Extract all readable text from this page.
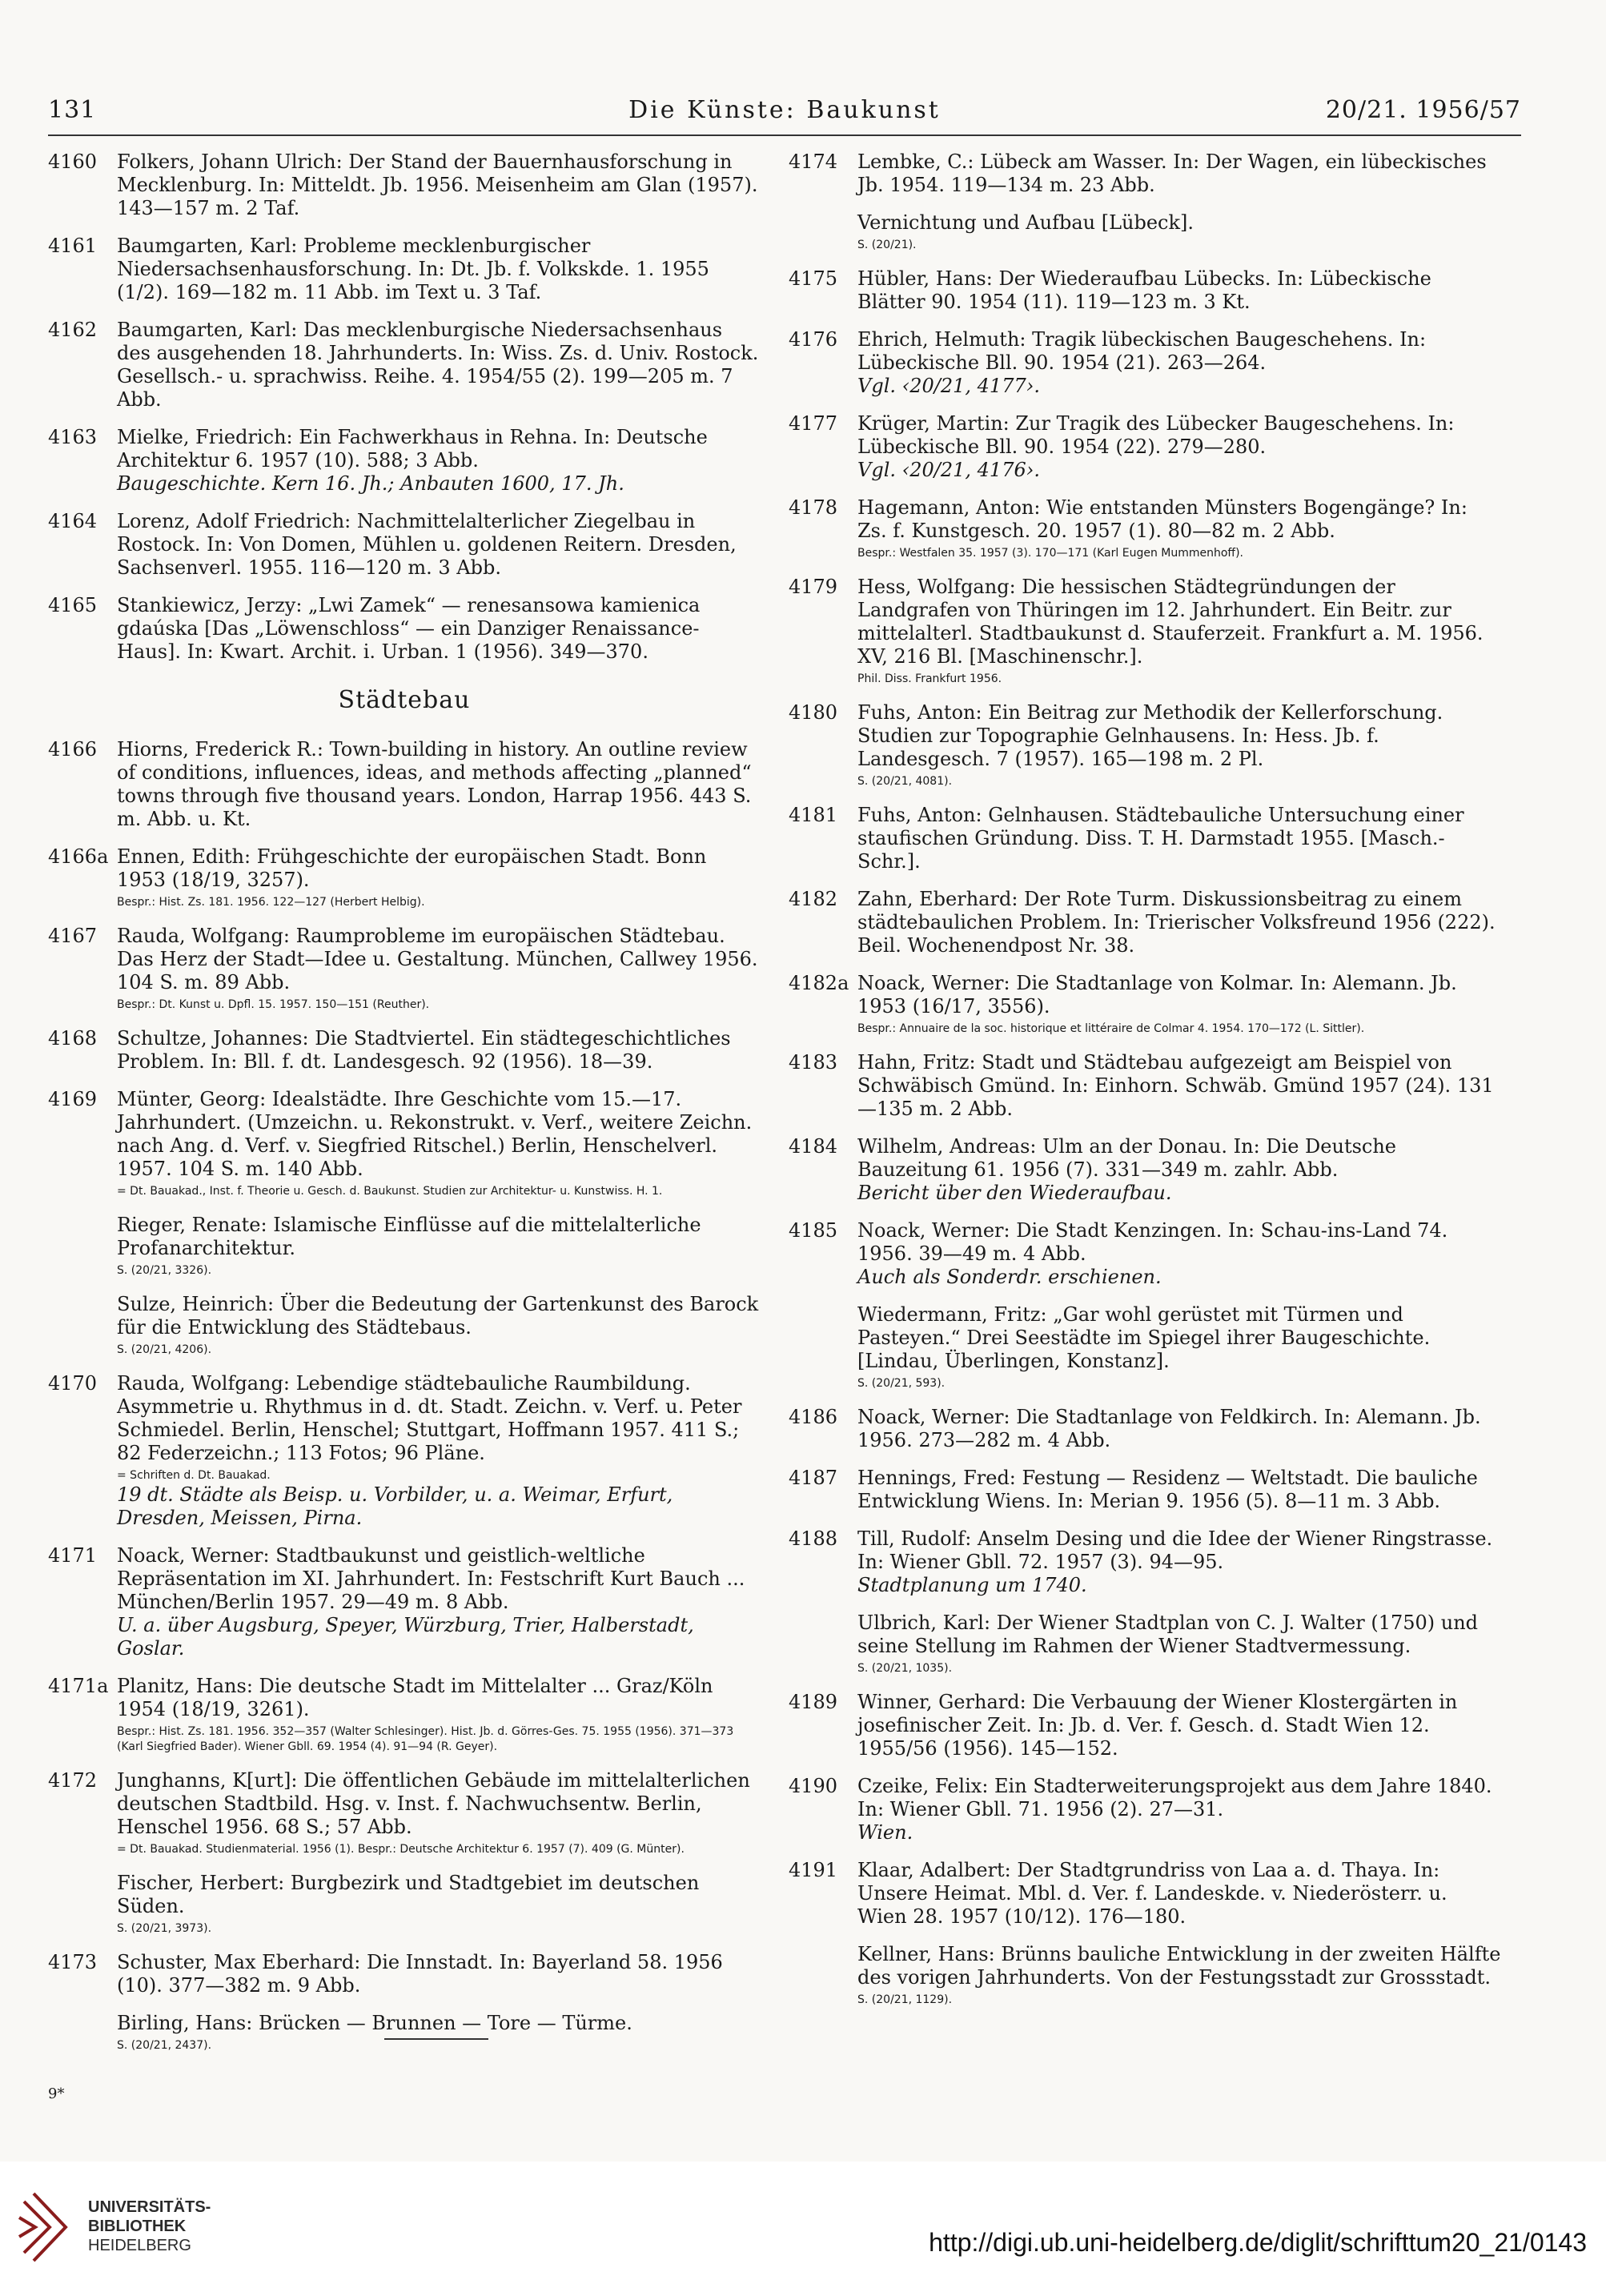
131	Die Künste: Baukunst	20/21. 1956/57
4160	Folkers, Johann Ulrich: Der Stand der Bauernhausforschung in Mecklenburg. In: Mitteldt. Jb. 1956. Meisenheim am Glan (1957). 143—157 m. 2 Taf.
4161	Baumgarten, Karl: Probleme mecklenburgischer Niedersachsenhausforschung. In: Dt. Jb. f. Volkskde. 1. 1955 (1/2). 169—182 m. 11 Abb. im Text u. 3 Taf.
4162	Baumgarten, Karl: Das mecklenburgische Niedersachsenhaus des ausgehenden 18. Jahrhunderts. In: Wiss. Zs. d. Univ. Rostock. Gesellsch.- u. sprachwiss. Reihe. 4. 1954/55 (2). 199—205 m. 7 Abb.
4163	Mielke, Friedrich: Ein Fachwerkhaus in Rehna. In: Deutsche Architektur 6. 1957 (10). 588; 3 Abb.
Baugeschichte. Kern 16. Jh.; Anbauten 1600, 17. Jh.
4164	Lorenz, Adolf Friedrich: Nachmittelalterlicher Ziegelbau in Rostock. In: Von Domen, Mühlen u. goldenen Reitern. Dresden, Sachsenverl. 1955. 116—120 m. 3 Abb.
4165	Stankiewicz, Jerzy: „Lwi Zamek“ — renesansowa kamienica gdaúska [Das „Löwenschloss“ — ein Danziger Renaissance-Haus]. In: Kwart. Archit. i. Urban. 1 (1956). 349—370.
Städtebau
4166	Hiorns, Frederick R.: Town-building in history. An outline review of conditions, influences, ideas, and methods affecting „planned“ towns through five thousand years. London, Harrap 1956. 443 S. m. Abb. u. Kt.
4166a Ennen, Edith: Frühgeschichte der europäischen Stadt. Bonn 1953 (18/19, 3257).
Bespr.: Hist. Zs. 181. 1956. 122—127 (Herbert Helbig).
4167	Rauda, Wolfgang: Raumprobleme im europäischen Städtebau. Das Herz der Stadt—Idee u. Gestaltung. München, Callwey 1956. 104 S. m. 89 Abb.
Bespr.: Dt. Kunst u. Dpfl. 15. 1957. 150—151 (Reuther).
4168	Schultze, Johannes: Die Stadtviertel. Ein städtegeschichtliches Problem. In: Bll. f. dt. Landesgesch. 92 (1956). 18—39.
4169	Münter, Georg: Idealstädte. Ihre Geschichte vom 15.—17. Jahrhundert. (Umzeichn. u. Rekonstrukt. v. Verf., weitere Zeichn. nach Ang. d. Verf. v. Siegfried Ritschel.) Berlin, Henschelverl. 1957. 104 S. m. 140 Abb.
= Dt. Bauakad., Inst. f. Theorie u. Gesch. d. Baukunst. Studien zur Architektur- u. Kunstwiss. H. 1.
Rieger, Renate: Islamische Einflüsse auf die mittelalterliche Profanarchitektur.
S. (20/21, 3326).
Sulze, Heinrich: Über die Bedeutung der Gartenkunst des Barock für die Entwicklung des Städtebaus.
S. (20/21, 4206).
4170	Rauda, Wolfgang: Lebendige städtebauliche Raumbildung. Asymmetrie u. Rhythmus in d. dt. Stadt. Zeichn. v. Verf. u. Peter Schmiedel. Berlin, Henschel; Stuttgart, Hoffmann 1957. 411 S.; 82 Federzeichn.; 113 Fotos; 96 Pläne.
= Schriften d. Dt. Bauakad.
19 dt. Städte als Beisp. u. Vorbilder, u. a. Weimar, Erfurt, Dresden, Meissen, Pirna.
4171	Noack, Werner: Stadtbaukunst und geistlich-weltliche Repräsentation im XI. Jahrhundert. In: Festschrift Kurt Bauch ... München/Berlin 1957. 29—49 m. 8 Abb.
U. a. über Augsburg, Speyer, Würzburg, Trier, Halberstadt, Goslar.
4171a Planitz, Hans: Die deutsche Stadt im Mittelalter ... Graz/Köln 1954 (18/19, 3261).
Bespr.: Hist. Zs. 181. 1956. 352—357 (Walter Schlesinger). Hist. Jb. d. Görres-Ges. 75. 1955 (1956). 371—373 (Karl Siegfried Bader). Wiener Gbll. 69. 1954 (4). 91—94 (R. Geyer).
4172	Junghanns, K[urt]: Die öffentlichen Gebäude im mittelalterlichen deutschen Stadtbild. Hsg. v. Inst. f. Nachwuchsentw. Berlin, Henschel 1956. 68 S.; 57 Abb.
= Dt. Bauakad. Studienmaterial. 1956 (1). Bespr.: Deutsche Architektur 6. 1957 (7). 409 (G. Münter).
Fischer, Herbert: Burgbezirk und Stadtgebiet im deutschen Süden.
S. (20/21, 3973).
4173	Schuster, Max Eberhard: Die Innstadt. In: Bayerland 58. 1956 (10). 377—382 m. 9 Abb.
Birling, Hans: Brücken — Brunnen — Tore — Türme.
S. (20/21, 2437).
4174	Lembke, C.: Lübeck am Wasser. In: Der Wagen, ein lübeckisches Jb. 1954. 119—134 m. 23 Abb.
Vernichtung und Aufbau [Lübeck].
S. (20/21).
4175	Hübler, Hans: Der Wiederaufbau Lübecks. In: Lübeckische Blätter 90. 1954 (11). 119—123 m. 3 Kt.
4176	Ehrich, Helmuth: Tragik lübeckischen Baugeschehens. In: Lübeckische Bll. 90. 1954 (21). 263—264.
Vgl. ‹20/21, 4177›.
4177	Krüger, Martin: Zur Tragik des Lübecker Baugeschehens. In: Lübeckische Bll. 90. 1954 (22). 279—280.
Vgl. ‹20/21, 4176›.
4178	Hagemann, Anton: Wie entstanden Münsters Bogengänge? In: Zs. f. Kunstgesch. 20. 1957 (1). 80—82 m. 2 Abb.
Bespr.: Westfalen 35. 1957 (3). 170—171 (Karl Eugen Mummenhoff).
4179	Hess, Wolfgang: Die hessischen Städtegründungen der Landgrafen von Thüringen im 12. Jahrhundert. Ein Beitr. zur mittelalterl. Stadtbaukunst d. Stauferzeit. Frankfurt a. M. 1956. XV, 216 Bl. [Maschinenschr.].
Phil. Diss. Frankfurt 1956.
4180	Fuhs, Anton: Ein Beitrag zur Methodik der Kellerforschung. Studien zur Topographie Gelnhausens. In: Hess. Jb. f. Landesgesch. 7 (1957). 165—198 m. 2 Pl.
S. (20/21, 4081).
4181	Fuhs, Anton: Gelnhausen. Städtebauliche Untersuchung einer staufischen Gründung. Diss. T. H. Darmstadt 1955. [Masch.-Schr.].
4182	Zahn, Eberhard: Der Rote Turm. Diskussionsbeitrag zu einem städtebaulichen Problem. In: Trierischer Volksfreund 1956 (222). Beil. Wochenendpost Nr. 38.
4182a Noack, Werner: Die Stadtanlage von Kolmar. In: Alemann. Jb. 1953 (16/17, 3556).
Bespr.: Annuaire de la soc. historique et littéraire de Colmar 4. 1954. 170—172 (L. Sittler).
4183	Hahn, Fritz: Stadt und Städtebau aufgezeigt am Beispiel von Schwäbisch Gmünd. In: Einhorn. Schwäb. Gmünd 1957 (24). 131—135 m. 2 Abb.
4184	Wilhelm, Andreas: Ulm an der Donau. In: Die Deutsche Bauzeitung 61. 1956 (7). 331—349 m. zahlr. Abb.
Bericht über den Wiederaufbau.
4185	Noack, Werner: Die Stadt Kenzingen. In: Schau-ins-Land 74. 1956. 39—49 m. 4 Abb.
Auch als Sonderdr. erschienen.
Wiedermann, Fritz: „Gar wohl gerüstet mit Türmen und Pasteyen.“ Drei Seestädte im Spiegel ihrer Baugeschichte. [Lindau, Überlingen, Konstanz].
S. (20/21, 593).
4186	Noack, Werner: Die Stadtanlage von Feldkirch. In: Alemann. Jb. 1956. 273—282 m. 4 Abb.
4187	Hennings, Fred: Festung — Residenz — Weltstadt. Die bauliche Entwicklung Wiens. In: Merian 9. 1956 (5). 8—11 m. 3 Abb.
4188	Till, Rudolf: Anselm Desing und die Idee der Wiener Ringstrasse. In: Wiener Gbll. 72. 1957 (3). 94—95.
Stadtplanung um 1740.
Ulbrich, Karl: Der Wiener Stadtplan von C. J. Walter (1750) und seine Stellung im Rahmen der Wiener Stadtvermessung.
S. (20/21, 1035).
4189	Winner, Gerhard: Die Verbauung der Wiener Klostergärten in josefinischer Zeit. In: Jb. d. Ver. f. Gesch. d. Stadt Wien 12. 1955/56 (1956). 145—152.
4190	Czeike, Felix: Ein Stadterweiterungsprojekt aus dem Jahre 1840. In: Wiener Gbll. 71. 1956 (2). 27—31.
Wien.
4191	Klaar, Adalbert: Der Stadtgrundriss von Laa a. d. Thaya. In: Unsere Heimat. Mbl. d. Ver. f. Landeskde. v. Niederösterr. u. Wien 28. 1957 (10/12). 176—180.
Kellner, Hans: Brünns bauliche Entwicklung in der zweiten Hälfte des vorigen Jahrhunderts. Von der Festungsstadt zur Grossstadt.
S. (20/21, 1129).
9*
UNIVERSITÄTS-
BIBLIOTHEK
HEIDELBERG	http://digi.ub.uni-heidelberg.de/diglit/schrifttum20_21/0143
